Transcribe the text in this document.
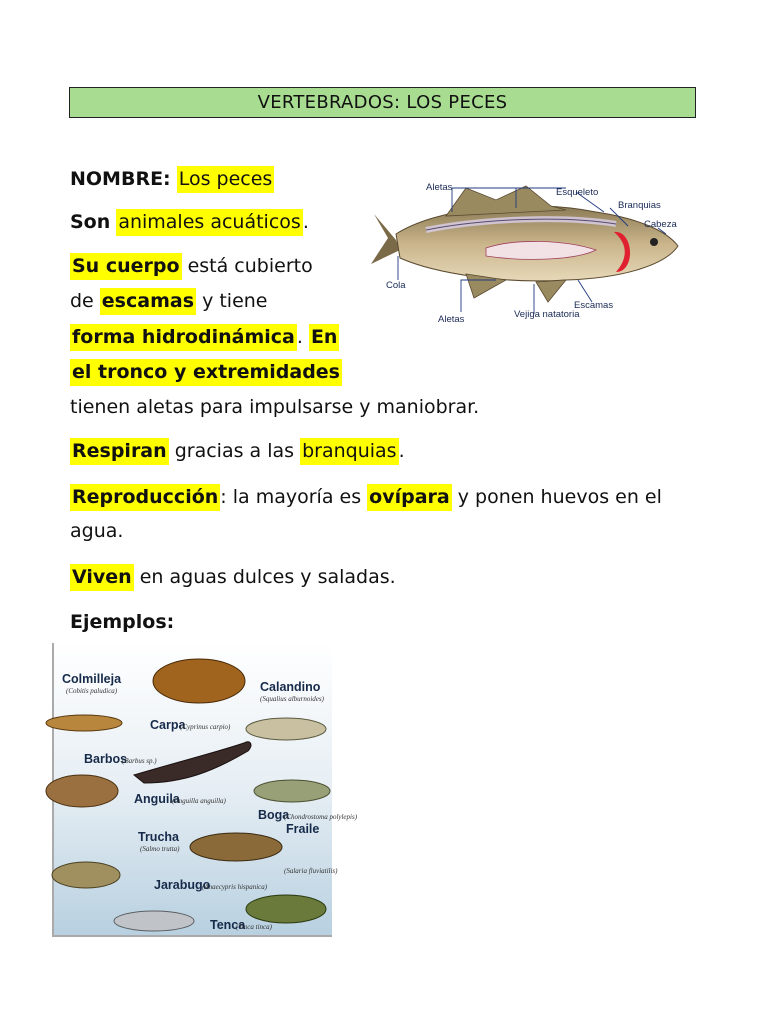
VERTEBRADOS: LOS PECES
NOMBRE: Los peces
Son animales acuáticos .
Su cuerpo está cubierto
de escamas y tiene
forma hidrodinámica . En
el tronco y extremidades
tienen aletas para impulsarse y maniobrar.
Respiran gracias a las branquias .
Reproducción : la mayoría es ovípara y ponen huevos en el
agua.
Viven en aguas dulces y saladas.
Ejemplos:
Aletas	Esqueleto
Branquias
Cabeza
Cola
Escamas
Vejiga natatoria
Aletas
Colmilleja
(Cobitis paludica)	Calandino
(Squalius alburnoides)
Carpa
(Cyprinus carpio)
Barbos
(Barbus sp.)
Anguila
(Anguilla anguilla)
Boga
(Chondrostoma polylepis)
Trucha
(Salmo trutta)
Fraile
(Salaria fluviatilis)
Jarabugo
(Anaecypris hispanica)
Tenca
(Tinca tinca)
